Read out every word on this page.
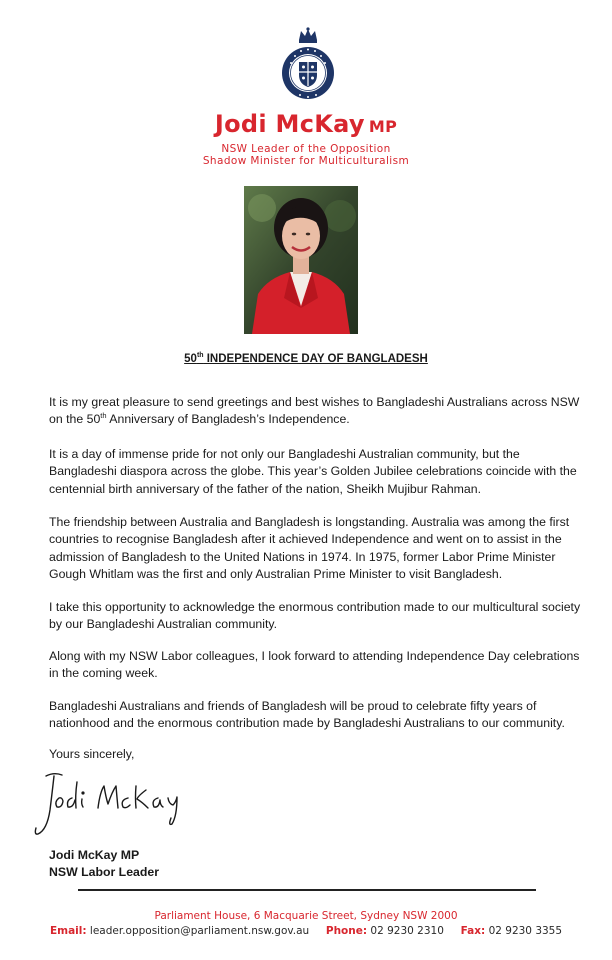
Jodi McKay MP
NSW Leader of the Opposition
Shadow Minister for Multiculturalism
50th INDEPENDENCE DAY OF BANGLADESH

It is my great pleasure to send greetings and best wishes to Bangladeshi Australians across NSW on the 50th Anniversary of Bangladesh’s Independence.

It is a day of immense pride for not only our Bangladeshi Australian community, but the Bangladeshi diaspora across the globe. This year’s Golden Jubilee celebrations coincide with the centennial birth anniversary of the father of the nation, Sheikh Mujibur Rahman.

The friendship between Australia and Bangladesh is longstanding. Australia was among the first countries to recognise Bangladesh after it achieved Independence and went on to assist in the admission of Bangladesh to the United Nations in 1974. In 1975, former Labor Prime Minister Gough Whitlam was the first and only Australian Prime Minister to visit Bangladesh.

I take this opportunity to acknowledge the enormous contribution made to our multicultural society by our Bangladeshi Australian community.

Along with my NSW Labor colleagues, I look forward to attending Independence Day celebrations in the coming week.

Bangladeshi Australians and friends of Bangladesh will be proud to celebrate fifty years of nationhood and the enormous contribution made by Bangladeshi Australians to our community.

Yours sincerely,
Jodi McKay MP
NSW Labor Leader
Parliament House, 6 Macquarie Street, Sydney NSW 2000
Email: leader.opposition@parliament.nsw.gov.au Phone: 02 9230 2310 Fax: 02 9230 3355
